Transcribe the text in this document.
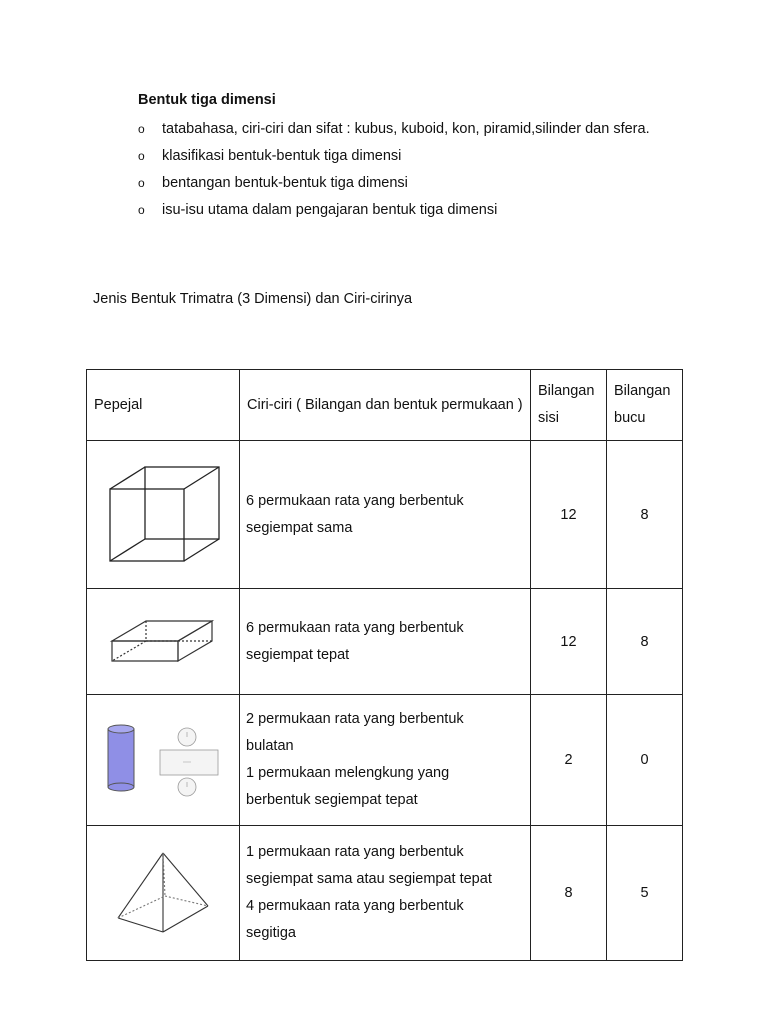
Bentuk tiga dimensi
o tatabahasa, ciri-ciri dan sifat : kubus, kuboid, kon, piramid,silinder dan sfera.
o klasifikasi bentuk-bentuk tiga dimensi
o bentangan bentuk-bentuk tiga dimensi
o isu-isu utama dalam pengajaran bentuk tiga dimensi
Jenis Bentuk Trimatra (3 Dimensi) dan Ciri-cirinya
Pepejal	Ciri-ciri ( Bilangan dan bentuk permukaan )	Bilangan sisi	Bilangan bucu

6 permukaan rata yang berbentuk
segiempat sama	12	8

6 permukaan rata yang berbentuk
segiempat tepat	12	8

2 permukaan rata yang berbentuk
bulatan
1 permukaan melengkung yang
berbentuk segiempat tepat	2	0

1 permukaan rata yang berbentuk
segiempat sama atau segiempat tepat
4 permukaan rata yang berbentuk
segitiga	8	5
